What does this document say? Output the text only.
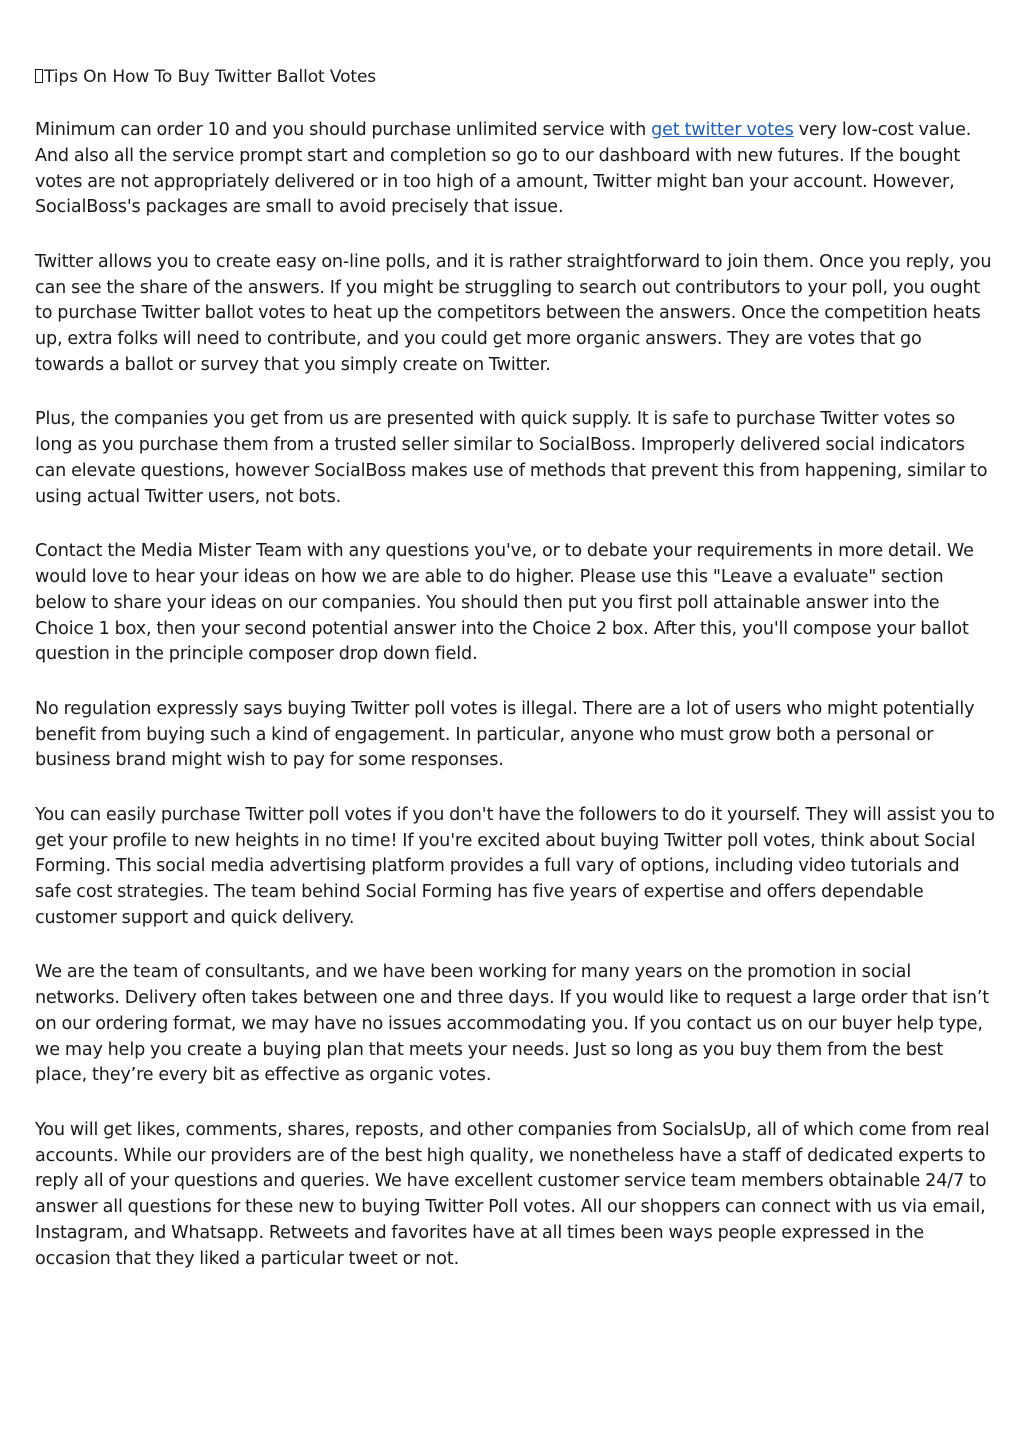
Tips On How To Buy Twitter Ballot Votes

Minimum can order 10 and you should purchase unlimited service with get twitter votes very low-cost value. And also all the service prompt start and completion so go to our dashboard with new futures. If the bought votes are not appropriately delivered or in too high of a amount, Twitter might ban your account. However, SocialBoss's packages are small to avoid precisely that issue.

Twitter allows you to create easy on-line polls, and it is rather straightforward to join them. Once you reply, you can see the share of the answers. If you might be struggling to search out contributors to your poll, you ought to purchase Twitter ballot votes to heat up the competitors between the answers. Once the competition heats up, extra folks will need to contribute, and you could get more organic answers. They are votes that go towards a ballot or survey that you simply create on Twitter.

Plus, the companies you get from us are presented with quick supply. It is safe to purchase Twitter votes so long as you purchase them from a trusted seller similar to SocialBoss. Improperly delivered social indicators can elevate questions, however SocialBoss makes use of methods that prevent this from happening, similar to using actual Twitter users, not bots.

Contact the Media Mister Team with any questions you've, or to debate your requirements in more detail. We would love to hear your ideas on how we are able to do higher. Please use this "Leave a evaluate" section below to share your ideas on our companies. You should then put you first poll attainable answer into the Choice 1 box, then your second potential answer into the Choice 2 box. After this, you'll compose your ballot question in the principle composer drop down field.

No regulation expressly says buying Twitter poll votes is illegal. There are a lot of users who might potentially benefit from buying such a kind of engagement. In particular, anyone who must grow both a personal or business brand might wish to pay for some responses.

You can easily purchase Twitter poll votes if you don't have the followers to do it yourself. They will assist you to get your profile to new heights in no time! If you're excited about buying Twitter poll votes, think about Social Forming. This social media advertising platform provides a full vary of options, including video tutorials and safe cost strategies. The team behind Social Forming has five years of expertise and offers dependable customer support and quick delivery.

We are the team of consultants, and we have been working for many years on the promotion in social networks. Delivery often takes between one and three days. If you would like to request a large order that isn’t on our ordering format, we may have no issues accommodating you. If you contact us on our buyer help type, we may help you create a buying plan that meets your needs. Just so long as you buy them from the best place, they’re every bit as effective as organic votes.

You will get likes, comments, shares, reposts, and other companies from SocialsUp, all of which come from real accounts. While our providers are of the best high quality, we nonetheless have a staff of dedicated experts to reply all of your questions and queries. We have excellent customer service team members obtainable 24/7 to answer all questions for these new to buying Twitter Poll votes. All our shoppers can connect with us via email, Instagram, and Whatsapp. Retweets and favorites have at all times been ways people expressed in the occasion that they liked a particular tweet or not.
